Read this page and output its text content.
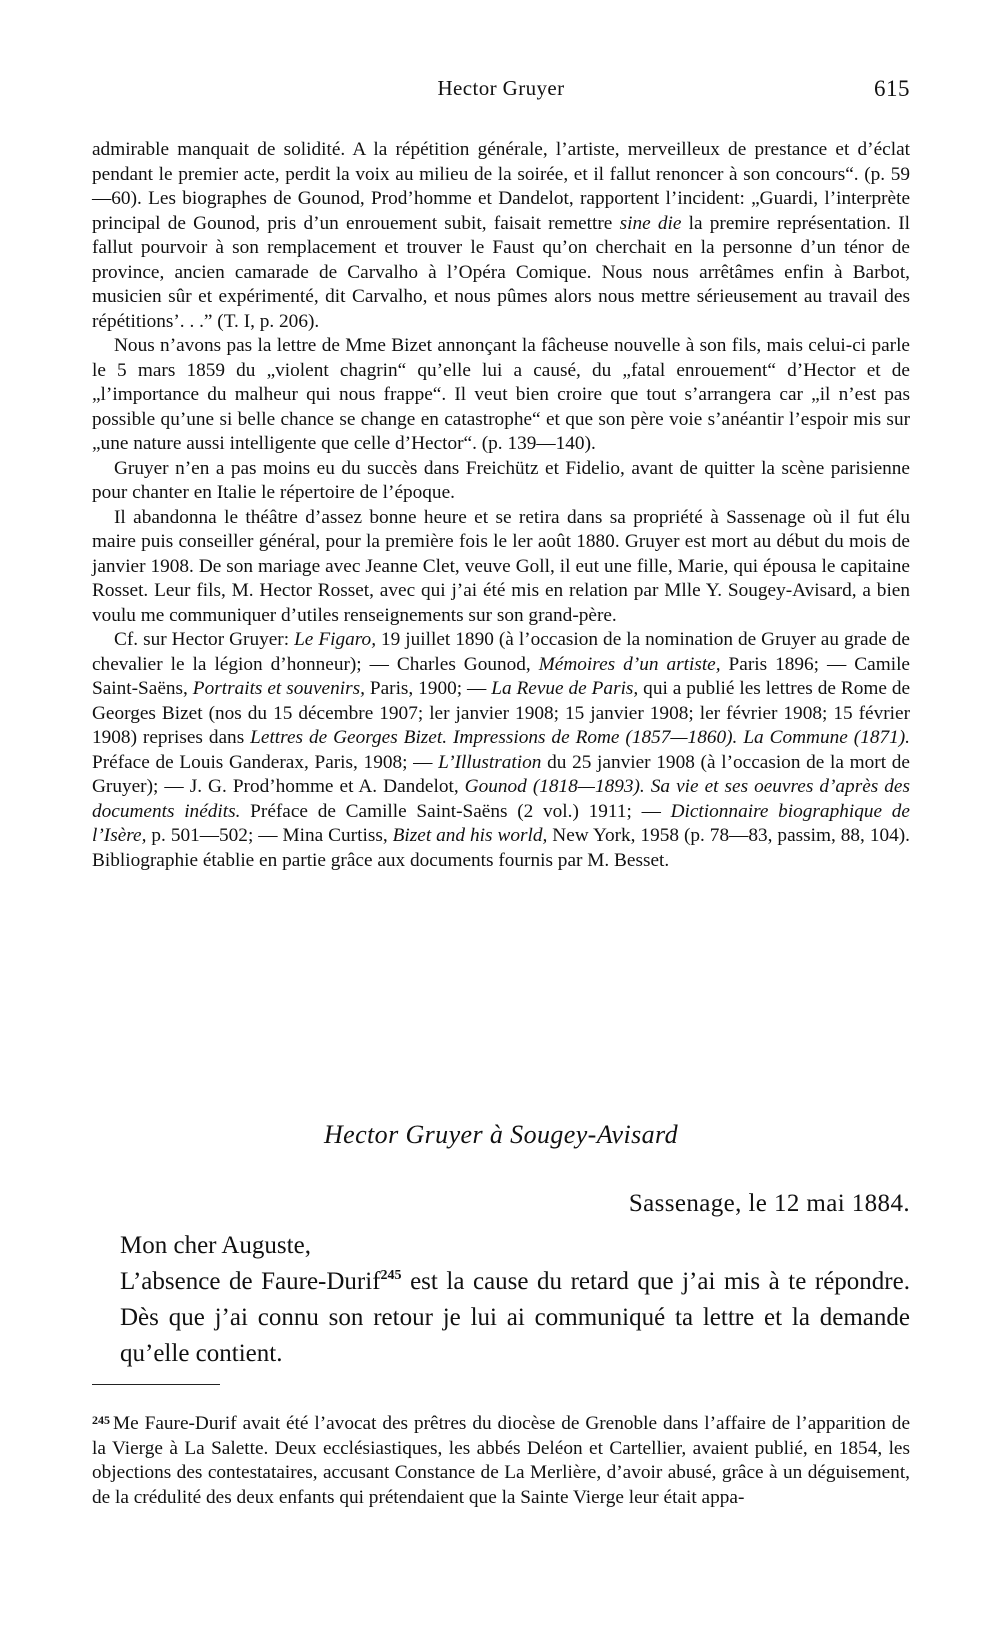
Hector Gruyer	615

admirable manquait de solidité. A la répétition générale, l’artiste, merveilleux de prestance et d’éclat pendant le premier acte, perdit la voix au milieu de la soirée, et il fallut renoncer à son concours“. (p. 59—60). Les biographes de Gounod, Prod’homme et Dandelot, rapportent l’incident: „Guardi, l’interprète principal de Gounod, pris d’un enrouement subit, faisait remettre sine die la premire représentation. Il fallut pourvoir à son remplacement et trouver le Faust qu’on cherchait en la personne d’un ténor de province, ancien camarade de Carvalho à l’Opéra Comique. Nous nous arrêtâmes enfin à Barbot, musicien sûr et expérimenté, dit Carvalho, et nous pûmes alors nous mettre sérieusement au travail des répétitions’. . .” (T. I, p. 206).

Nous n’avons pas la lettre de Mme Bizet annonçant la fâcheuse nouvelle à son fils, mais celui-ci parle le 5 mars 1859 du „violent chagrin“ qu’elle lui a causé, du „fatal enrouement“ d’Hector et de „l’importance du malheur qui nous frappe“. Il veut bien croire que tout s’arrangera car „il n’est pas possible qu’une si belle chance se change en catastrophe“ et que son père voie s’anéantir l’espoir mis sur „une nature aussi intelligente que celle d’Hector“. (p. 139—140).

Gruyer n’en a pas moins eu du succès dans Freichütz et Fidelio, avant de quitter la scène parisienne pour chanter en Italie le répertoire de l’époque.

Il abandonna le théâtre d’assez bonne heure et se retira dans sa propriété à Sassenage où il fut élu maire puis conseiller général, pour la première fois le ler août 1880. Gruyer est mort au début du mois de janvier 1908. De son mariage avec Jeanne Clet, veuve Goll, il eut une fille, Marie, qui épousa le capitaine Rosset. Leur fils, M. Hector Rosset, avec qui j’ai été mis en relation par Mlle Y. Sougey-Avisard, a bien voulu me communiquer d’utiles renseignements sur son grand-père.

Cf. sur Hector Gruyer: Le Figaro, 19 juillet 1890 (à l’occasion de la nomination de Gruyer au grade de chevalier le la légion d’honneur); — Charles Gounod, Mémoires d’un artiste, Paris 1896; — Camile Saint-Saëns, Portraits et souvenirs, Paris, 1900; — La Revue de Paris, qui a publié les lettres de Rome de Georges Bizet (nos du 15 décembre 1907; ler janvier 1908; 15 janvier 1908; ler février 1908; 15 février 1908) reprises dans Lettres de Georges Bizet. Impressions de Rome (1857—1860). La Commune (1871). Préface de Louis Ganderax, Paris, 1908; — L’Illustration du 25 janvier 1908 (à l’occasion de la mort de Gruyer); — J. G. Prod’homme et A. Dandelot, Gounod (1818—1893). Sa vie et ses oeuvres d’après des documents inédits. Préface de Camille Saint-Saëns (2 vol.) 1911; — Dictionnaire biographique de l’Isère, p. 501—502; — Mina Curtiss, Bizet and his world, New York, 1958 (p. 78—83, passim, 88, 104). Bibliographie établie en partie grâce aux documents fournis par M. Besset.

Hector Gruyer à Sougey-Avisard
Sassenage, le 12 mai 1884.

Mon cher Auguste,

L’absence de Faure-Durif$^{245}$ est la cause du retard que j’ai mis à te répondre. Dès que j’ai connu son retour je lui ai communiqué ta lettre et la demande qu’elle contient.

$^{245}$ Me Faure-Durif avait été l’avocat des prêtres du diocèse de Grenoble dans l’affaire de l’apparition de la Vierge à La Salette. Deux ecclésiastiques, les abbés Deléon et Cartellier, avaient publié, en 1854, les objections des contestataires, accusant Constance de La Merlière, d’avoir abusé, grâce à un déguisement, de la crédulité des deux enfants qui prétendaient que la Sainte Vierge leur était appa-
